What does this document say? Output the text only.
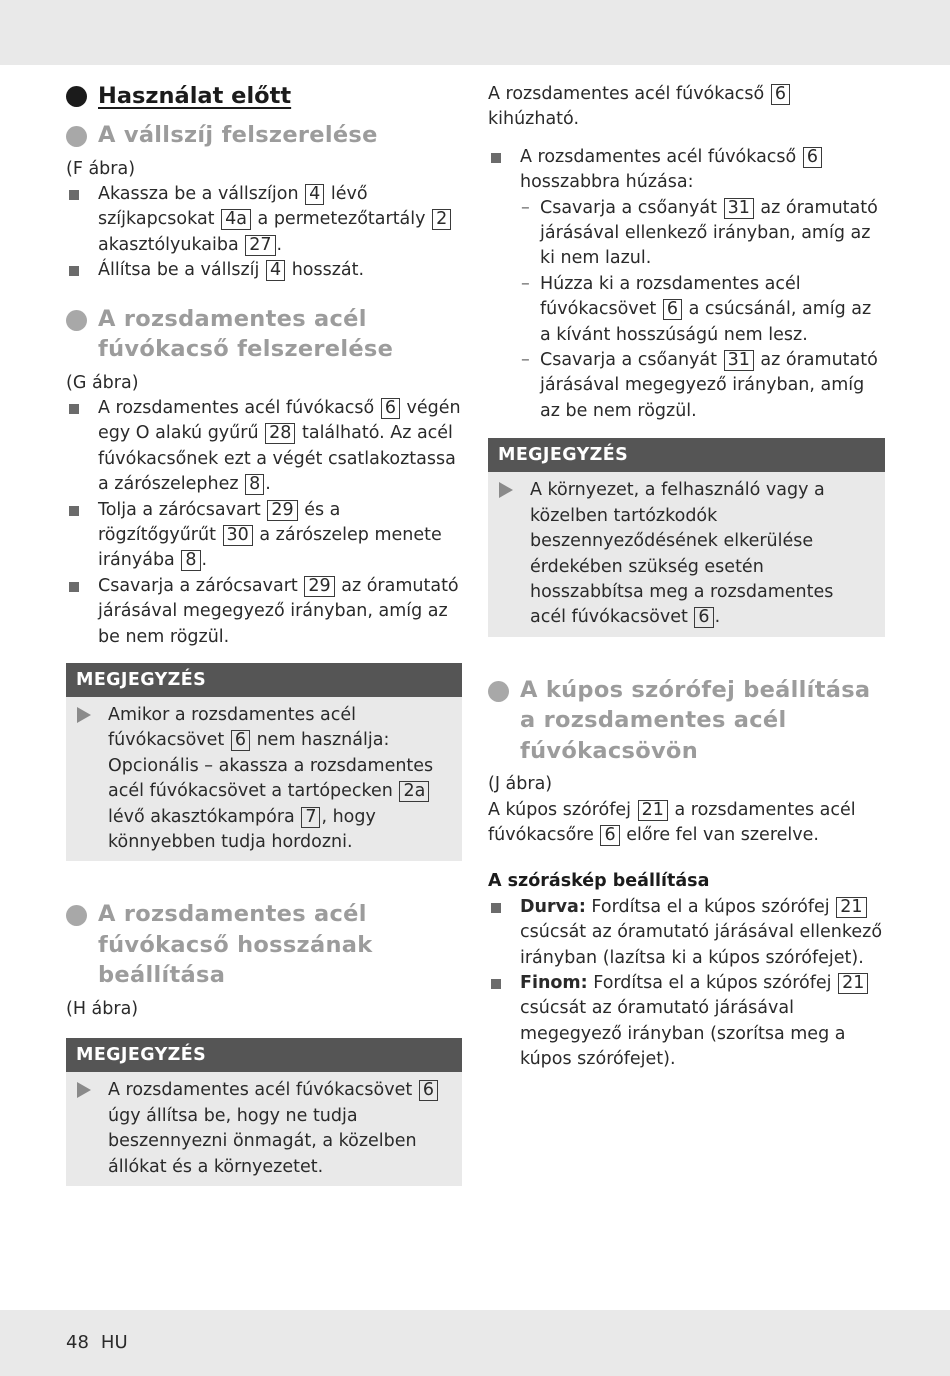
Használat előtt
A vállszíj felszerelése

(F ábra)

Akassza be a vállszíjon 4 lévő szíjkapcsokat 4a a permetezőtartály 2 akasztólyukaiba 27 .
Állítsa be a vállszíj 4 hosszát.
A rozsdamentes acél
fúvókacső felszerelése

(G ábra)

A rozsdamentes acél fúvókacső 6 végén egy O alakú gyűrű 28 található. Az acél fúvókacsőnek ezt a végét csatlakoztassa a zárószelephez 8 .
Tolja a zárócsavart 29 és a rögzítőgyűrűt 30 a zárószelep menete irányába 8 .
Csavarja a zárócsavart 29 az óramutató járásával megegyező irányban, amíg az be nem rögzül.
MEGJEGYZÉS
Amikor a rozsdamentes acél fúvókacsövet 6 nem használja: Opcionális – akassza a rozsdamentes acél fúvókacsövet a tartópecken 2a lévő akasztókampóra 7 , hogy könnyebben tudja hordozni.
A rozsdamentes acél
fúvókacső hosszának
beállítása

(H ábra)

MEGJEGYZÉS
A rozsdamentes acél fúvókacsövet 6 úgy állítsa be, hogy ne tudja beszennyezni önmagát, a közelben állókat és a környezetet.

A rozsdamentes acél fúvókacső 6 kihúzható.

A rozsdamentes acél fúvókacső 6 hosszabbra húzása:
– Csavarja a csőanyát 31 az óramutató járásával ellenkező irányban, amíg az ki nem lazul.
– Húzza ki a rozsdamentes acél fúvókacsövet 6 a csúcsánál, amíg az a kívánt hosszúságú nem lesz.
– Csavarja a csőanyát 31 az óramutató járásával megegyező irányban, amíg az be nem rögzül.
MEGJEGYZÉS
A környezet, a felhasználó vagy a közelben tartózkodók beszennyeződésének elkerülése érdekében szükség esetén hosszabbítsa meg a rozsdamentes acél fúvókacsövet 6 .
A kúpos szórófej beállítása
a rozsdamentes acél
fúvókacsövön

(J ábra)

A kúpos szórófej 21 a rozsdamentes acél fúvókacsőre 6 előre fel van szerelve.

A szóráskép beállítása

Durva: Fordítsa el a kúpos szórófej 21 csúcsát az óramutató járásával ellenkező irányban (lazítsa ki a kúpos szórófejet).
Finom: Fordítsa el a kúpos szórófej 21 csúcsát az óramutató járásával megegyező irányban (szorítsa meg a kúpos szórófejet).
48 HU
